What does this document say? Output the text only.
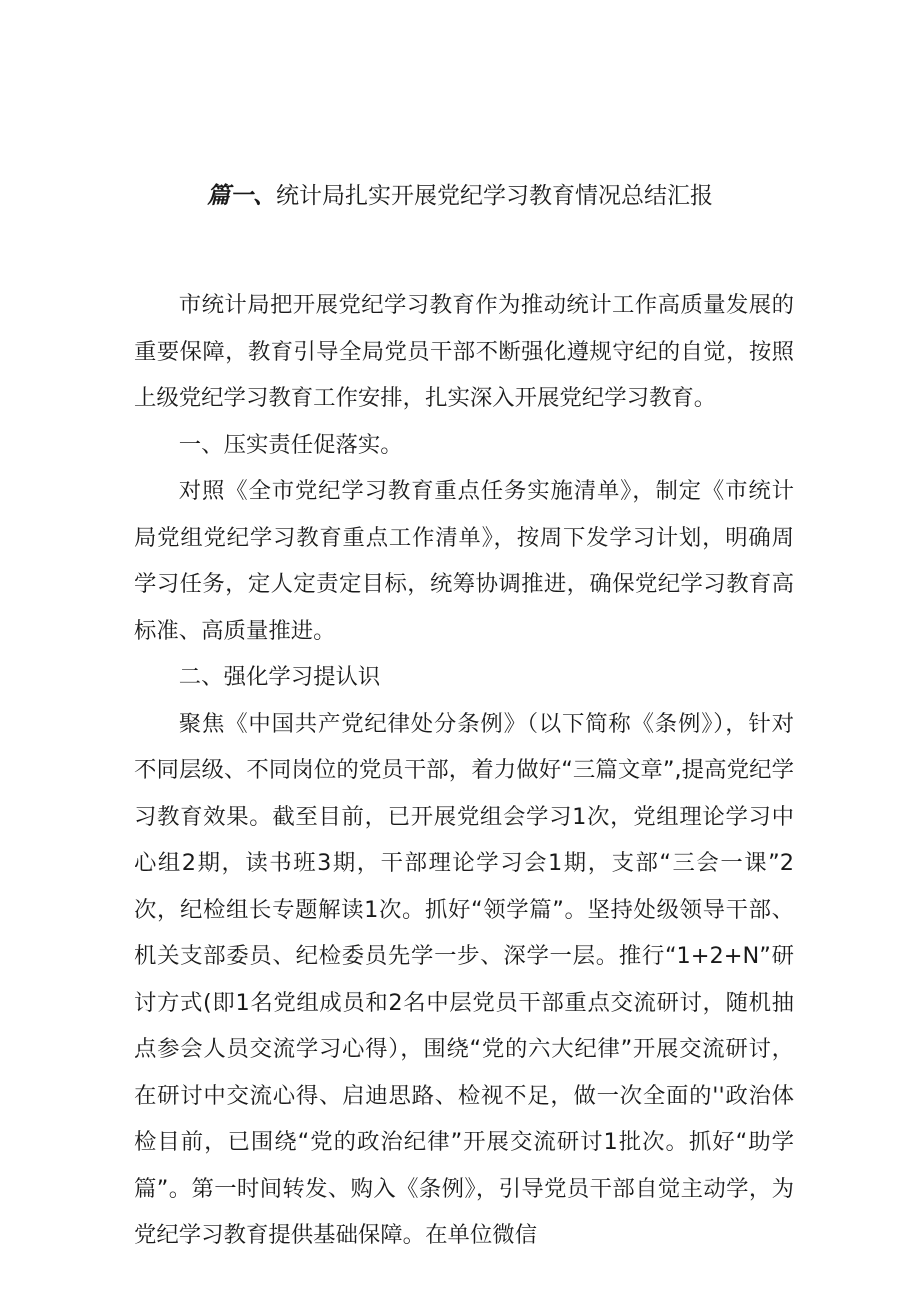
篇一、统计局扎实开展党纪学习教育情况总结汇报

市统计局把开展党纪学习教育作为推动统计工作高质量发展的重要保障，教育引导全局党员干部不断强化遵规守纪的自觉，按照上级党纪学习教育工作安排，扎实深入开展党纪学习教育。

一、压实责任促落实。

对照《全市党纪学习教育重点任务实施清单》，制定《市统计局党组党纪学习教育重点工作清单》，按周下发学习计划，明确周学习任务，定人定责定目标，统筹协调推进，确保党纪学习教育高标准、高质量推进。

二、强化学习提认识

聚焦《中国共产党纪律处分条例》（以下简称《条例》），针对不同层级、不同岗位的党员干部，着力做好“三篇文章”,提高党纪学习教育效果。截至目前，已开展党组会学习1次，党组理论学习中心组2期，读书班3期，干部理论学习会1期，支部“三会一课”2次，纪检组长专题解读1次。抓好“领学篇”。坚持处级领导干部、机关支部委员、纪检委员先学一步、深学一层。推行“1+2+N”研讨方式(即1名党组成员和2名中层党员干部重点交流研讨，随机抽点参会人员交流学习心得），围绕“党的六大纪律”开展交流研讨，在研讨中交流心得、启迪思路、检视不足，做一次全面的''政治体检目前，已围绕“党的政治纪律”开展交流研讨1批次。抓好“助学篇”。第一时间转发、购入《条例》，引导党员干部自觉主动学，为党纪学习教育提供基础保障。在单位微信
